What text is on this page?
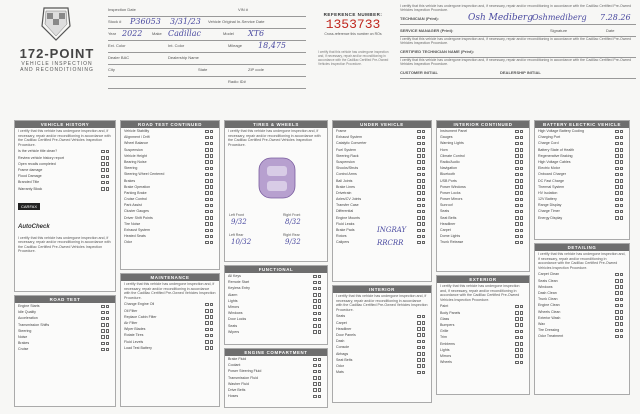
172-POINT
VEHICLE INSPECTION AND RECONDITIONING
Inspection Date	VIN #
Stock # P36053 3/31/23 Vehicle Original In-Service Date
Year 2022 Make Cadillac	Model XT6
Ext. Color	Int. Color	Mileage 18,475
Dealer BAC	Dealership Name
City	State	ZIP code
Radio ID#
REFERENCE NUMBER:
1353733
Cross-reference this number on ROs
I certify that this vehicle has undergone inspection and, if necessary, repair and/or reconditioning in accordance with the Cadillac Certified Pre-Owned Vehicles Inspection Procedure.
I certify that this vehicle has undergone inspection and, if necessary, repair and/or reconditioning in accordance with the Cadillac Certified Pre-Owned Vehicles Inspection Procedure.
TECHNICIAN (Print):	Osh Mediberg Oshmediberg 7.28.26
SERVICE MANAGER (Print):	Signature	Date
I certify that this vehicle has undergone inspection and, if necessary, repair and/or reconditioning in accordance with the Cadillac Certified Pre-Owned Vehicles Inspection Procedure.
CERTIFIED TECHNICIAN NAME (Print):
I certify that this vehicle has undergone inspection and, if necessary, repair and/or reconditioning in accordance with the Cadillac Certified Pre-Owned Vehicles Inspection Procedure.
CUSTOMER INITIAL	DEALERSHIP INITIAL
VEHICLE HISTORY
I certify that this vehicle has undergone inspection and, if necessary, repair and/or reconditioning in accordance with the Cadillac Certified Pre-Owned Vehicles Inspection Procedure.
Is the vehicle title clean?
Review vehicle history report
Open recalls completed
Frame damage
Flood Damage
Branded Title
Warranty Block
CARFAX
AutoCheck
I certify that this vehicle has undergone inspection and, if necessary, repair and/or reconditioning in accordance with the Cadillac Certified Pre-Owned Vehicles Inspection Procedure.
ROAD TEST
Engine Starts
Idle Quality
Acceleration
Transmission Shifts
Steering
Noise
Brakes
Cruise
ROAD TEST CONTINUED
Vehicle Stability
Alignment / Drift
Wheel Balance
Suspension
Vehicle Height
Bearing Noise
Steering
Steering Wheel Centered
Brakes
Brake Operation
Parking Brake
Cruise Control
Park Assist
Cluster Gauges
Driver Shift Points
Tire Noise
Exhaust System
Heated Seats
Odor
MAINTENANCE
I certify that this vehicle has undergone inspection and, if necessary, repair and/or reconditioning in accordance with the Cadillac Certified Pre-Owned Vehicles Inspection Procedure.
Change Engine Oil
Oil Filter
Replace Cabin Filter
Air Filter
Wiper Blades
Rotate Tires
Fluid Levels
Load Test Battery
TIRES & WHEELS
I certify that this vehicle has undergone inspection and, if necessary, repair and/or reconditioning in accordance with the Cadillac Certified Pre-Owned Vehicles Inspection Procedure.
Left Front
9/32
Right Front
8/32
Left Rear
10/32
Right Rear
9/32
FUNCTIONAL
All Keys
Remote Start
Keyless Entry
Alarm
Lights
Mirrors
Windows
Door Locks
Seats
Wipers
ENGINE COMPARTMENT
Brake Fluid
Coolant
Power Steering Fluid
Transmission Fluid
Washer Fluid
Drive Belts
Hoses
UNDER VEHICLE
Frame
Exhaust System
Catalytic Converter
Fuel System
Steering Rack
Suspension
Shocks/Struts
Control Arms
Ball Joints
Brake Lines
Drivetrain
Axles/CV Joints
Transfer Case
Differential
Engine Mounts
Fluid Leaks
Brake Pads
Rotors
Calipers
INGRAY
RRCRR
INTERIOR
I certify that this vehicle has undergone inspection and, if necessary, repair and/or reconditioning in accordance with the Cadillac Certified Pre-Owned Vehicles Inspection Procedure.
Seats
Carpet
Headliner
Door Panels
Dash
Console
Airbags
Seat Belts
Odor
Mats
INTERIOR CONTINUED
Instrument Panel
Gauges
Warning Lights
Horn
Climate Control
Radio/Audio
Navigation
Bluetooth
USB Ports
Power Windows
Power Locks
Power Mirrors
Sunroof
Seats
Seat Belts
Headliner
Carpet
Dome Lights
Trunk Release
EXTERIOR
I certify that this vehicle has undergone inspection and, if necessary, repair and/or reconditioning in accordance with the Cadillac Certified Pre-Owned Vehicles Inspection Procedure.
Paint
Body Panels
Glass
Bumpers
Grille
Trim
Emblems
Lights
Mirrors
Wheels
BATTERY ELECTRIC VEHICLE
High Voltage Battery Cooling
Charging Port
Charge Cord
Battery State of Health
Regenerative Braking
High Voltage Cables
Electric Motor
Onboard Charger
DC Fast Charge
Thermal System
HV Isolation
12V Battery
Range Display
Charge Timer
Energy Display
DETAILING
I certify that this vehicle has undergone inspection and, if necessary, repair and/or reconditioning in accordance with the Cadillac Certified Pre-Owned Vehicles Inspection Procedure.
Carpet Clean
Seats Clean
Windows
Dash Clean
Trunk Clean
Engine Clean
Wheels Clean
Exterior Wash
Wax
Tire Dressing
Odor Treatment
